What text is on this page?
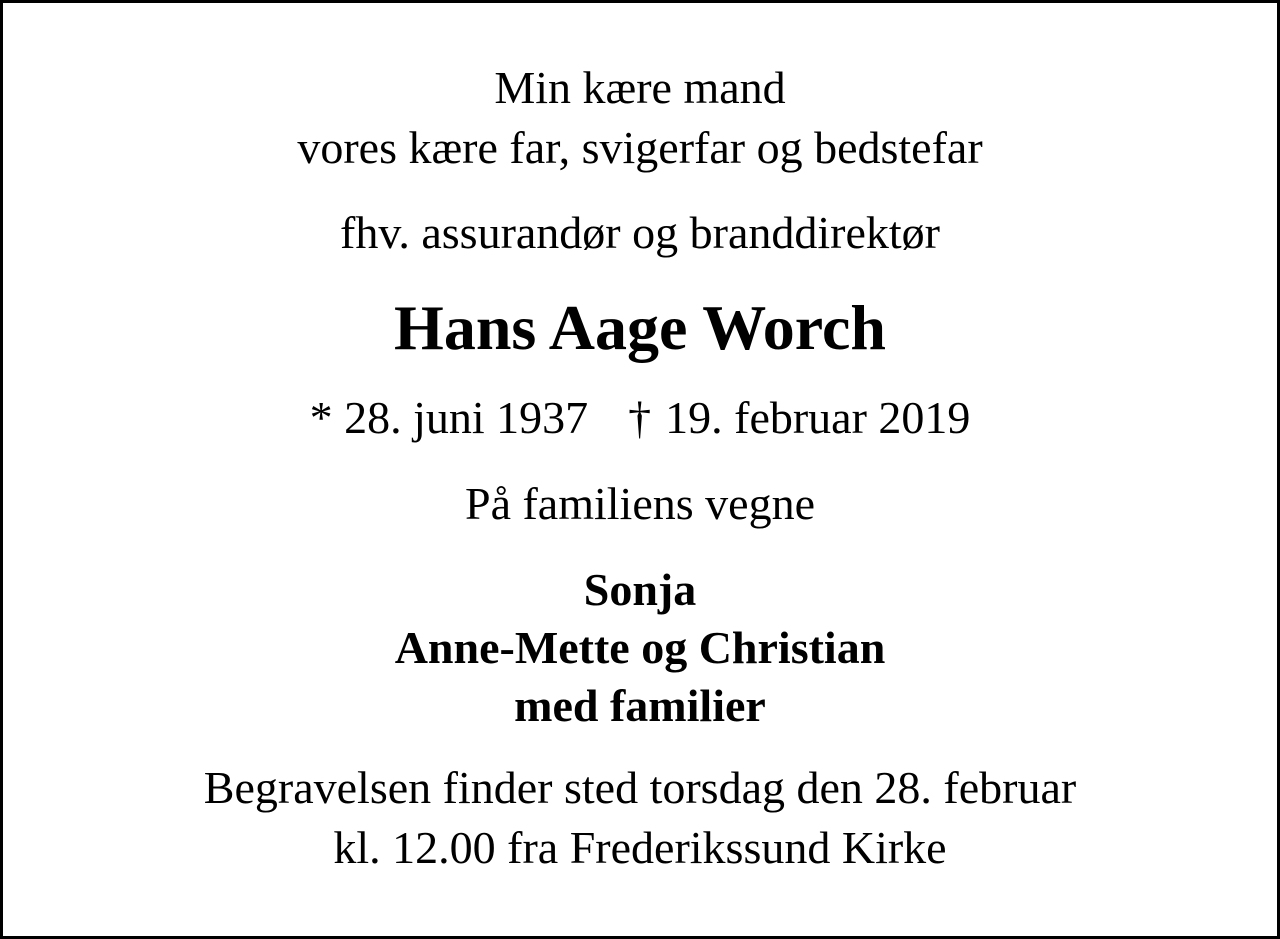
Min kære mand
vores kære far, svigerfar og bedstefar
fhv. assurandør og branddirektør
Hans Aage Worch
* 28. juni 1937 † 19. februar 2019
På familiens vegne
Sonja
Anne-Mette og Christian
med familier
Begravelsen finder sted torsdag den 28. februar
kl. 12.00 fra Frederikssund Kirke
